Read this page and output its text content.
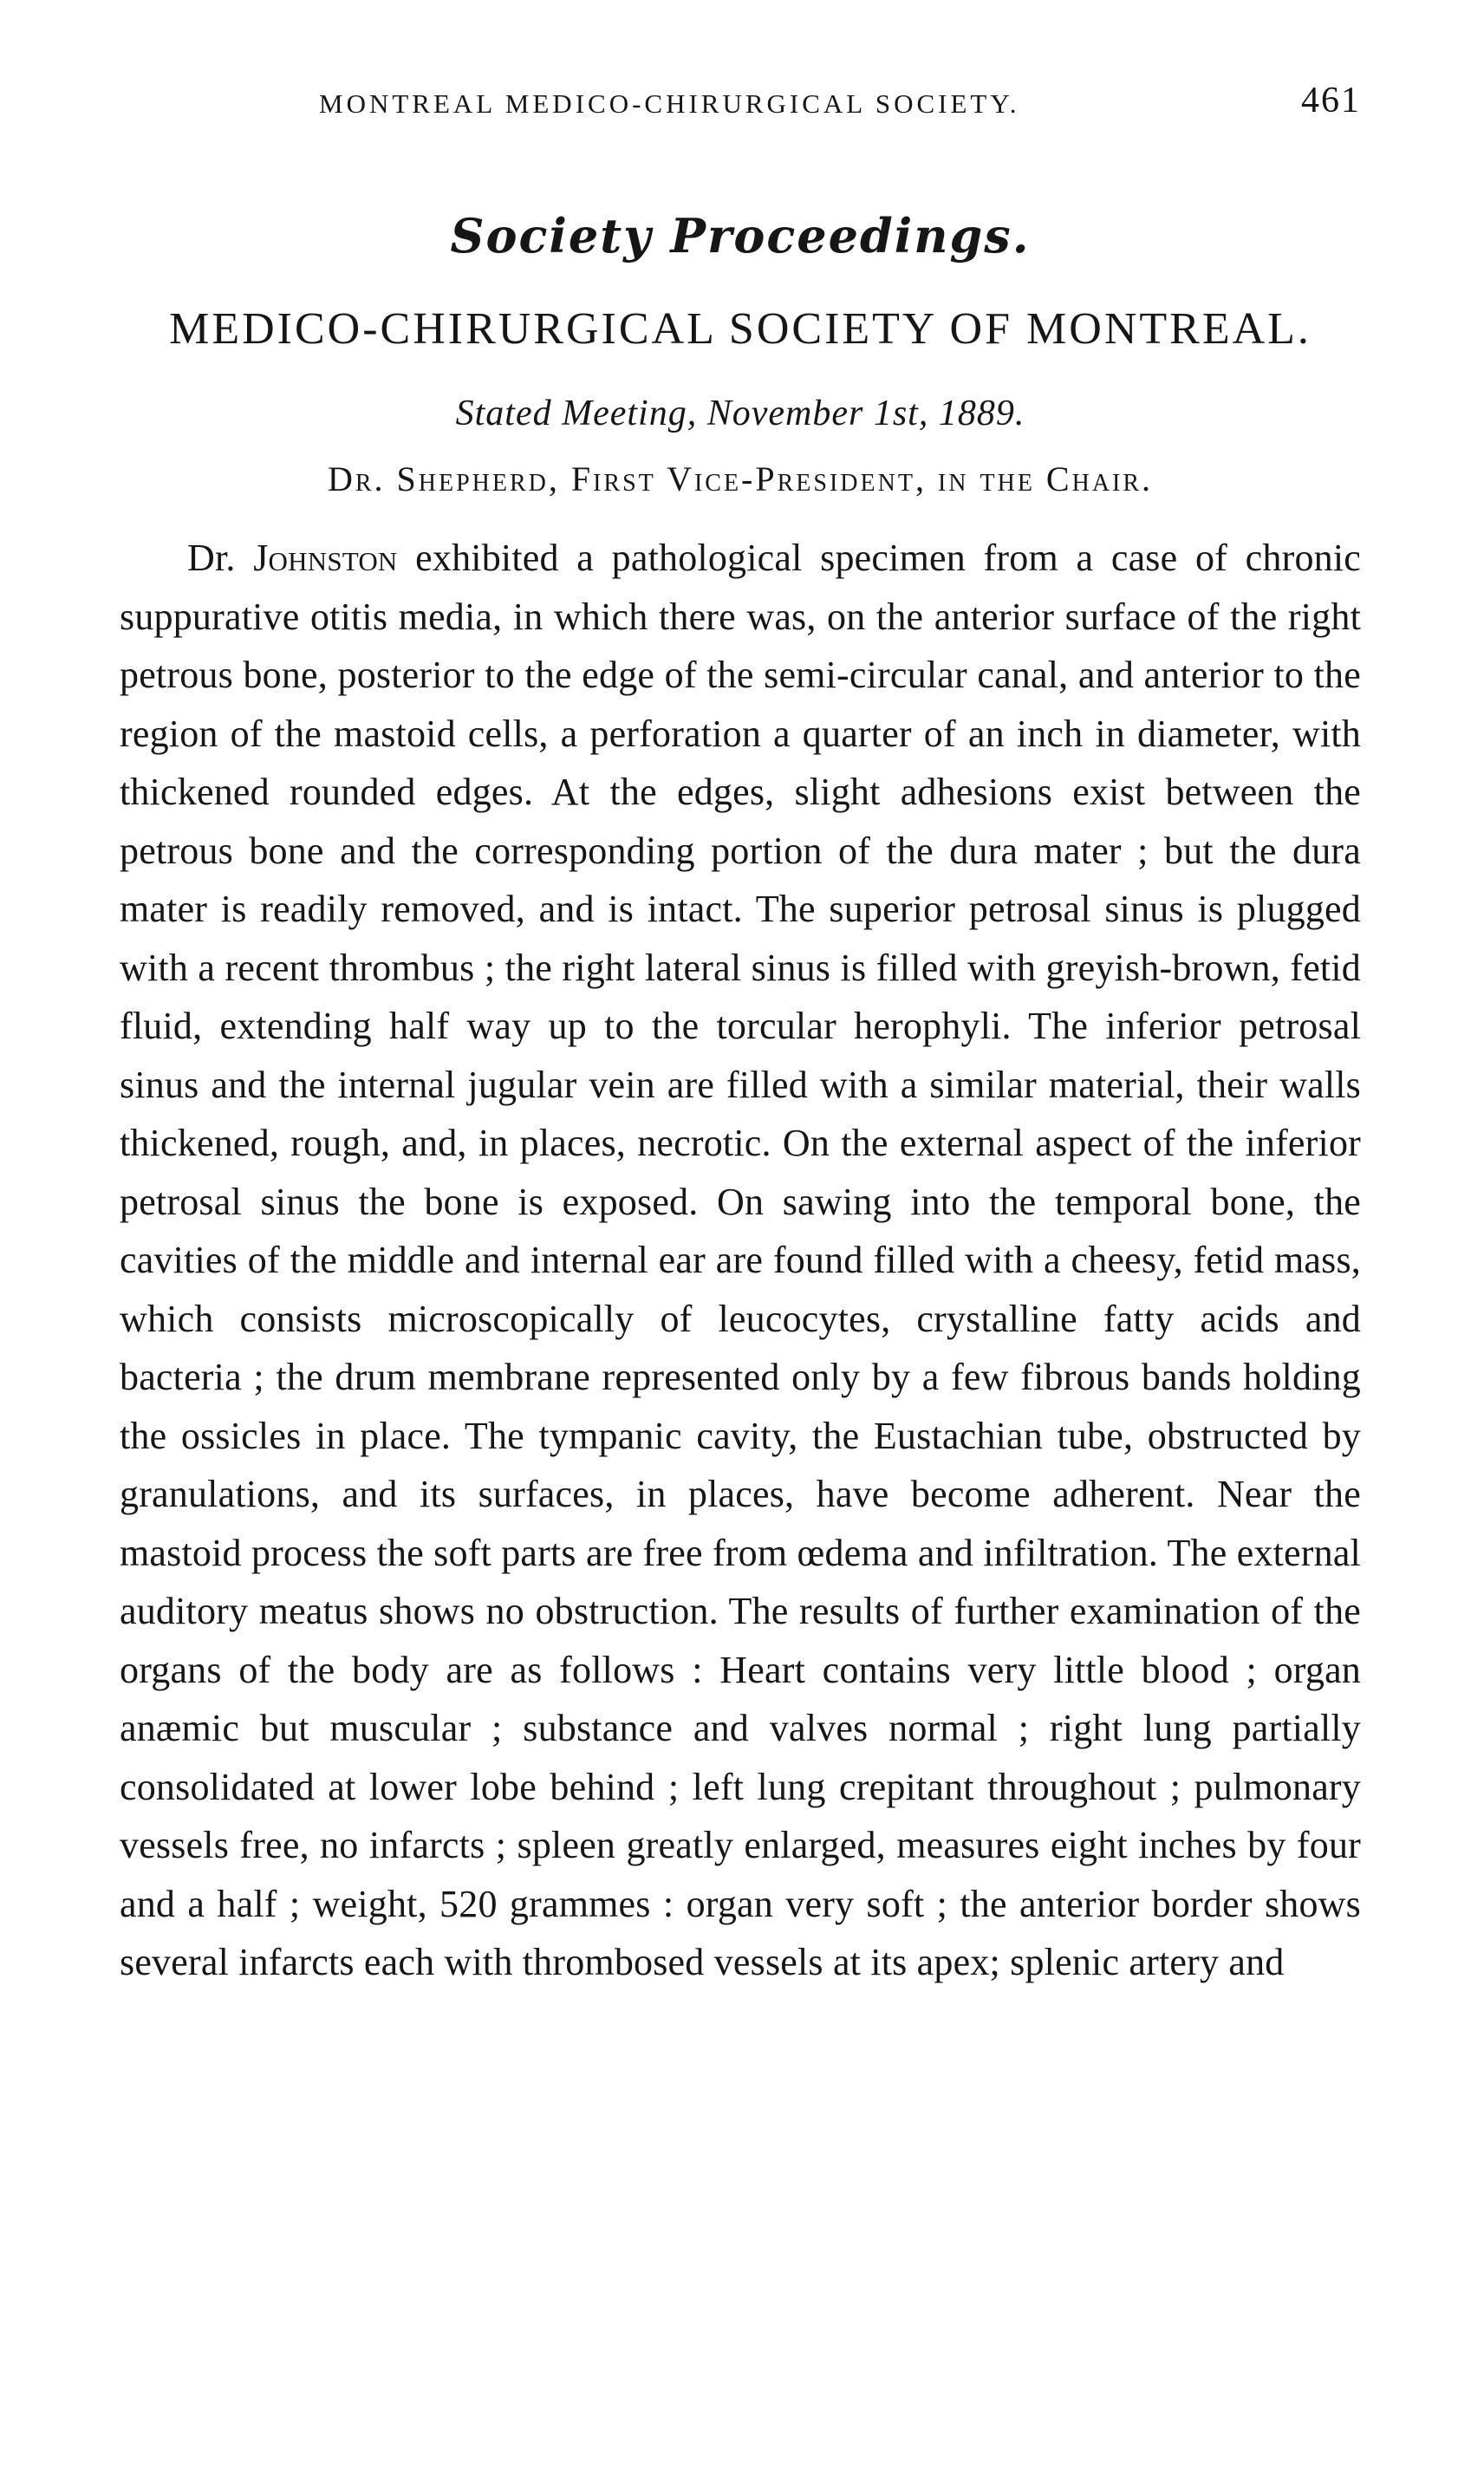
MONTREAL MEDICO-CHIRURGICAL SOCIETY.	461
Society Proceedings.
MEDICO-CHIRURGICAL SOCIETY OF MONTREAL.
Stated Meeting, November 1st, 1889.
Dr. Shepherd, First Vice-President, in the Chair.

Dr. Johnston exhibited a pathological specimen from a case of chronic suppurative otitis media, in which there was, on the anterior surface of the right petrous bone, posterior to the edge of the semi-circular canal, and anterior to the region of the mastoid cells, a perforation a quarter of an inch in diameter, with thickened rounded edges. At the edges, slight adhesions exist between the petrous bone and the corresponding portion of the dura mater ; but the dura mater is readily removed, and is intact. The superior petrosal sinus is plugged with a recent thrombus ; the right lateral sinus is filled with greyish-brown, fetid fluid, extending half way up to the torcular herophyli. The inferior petrosal sinus and the internal jugular vein are filled with a similar material, their walls thickened, rough, and, in places, necrotic. On the external aspect of the inferior petrosal sinus the bone is exposed. On sawing into the temporal bone, the cavities of the middle and internal ear are found filled with a cheesy, fetid mass, which consists microscopically of leucocytes, crystalline fatty acids and bacteria ; the drum membrane represented only by a few fibrous bands holding the ossicles in place. The tympanic cavity, the Eustachian tube, obstructed by granulations, and its surfaces, in places, have become adherent. Near the mastoid process the soft parts are free from œdema and infiltration. The external auditory meatus shows no obstruction. The results of further examination of the organs of the body are as follows : Heart contains very little blood ; organ anæmic but muscular ; substance and valves normal ; right lung partially consolidated at lower lobe behind ; left lung crepitant throughout ; pulmonary vessels free, no infarcts ; spleen greatly enlarged, measures eight inches by four and a half ; weight, 520 grammes : organ very soft ; the anterior border shows several infarcts each with thrombosed vessels at its apex; splenic artery and
